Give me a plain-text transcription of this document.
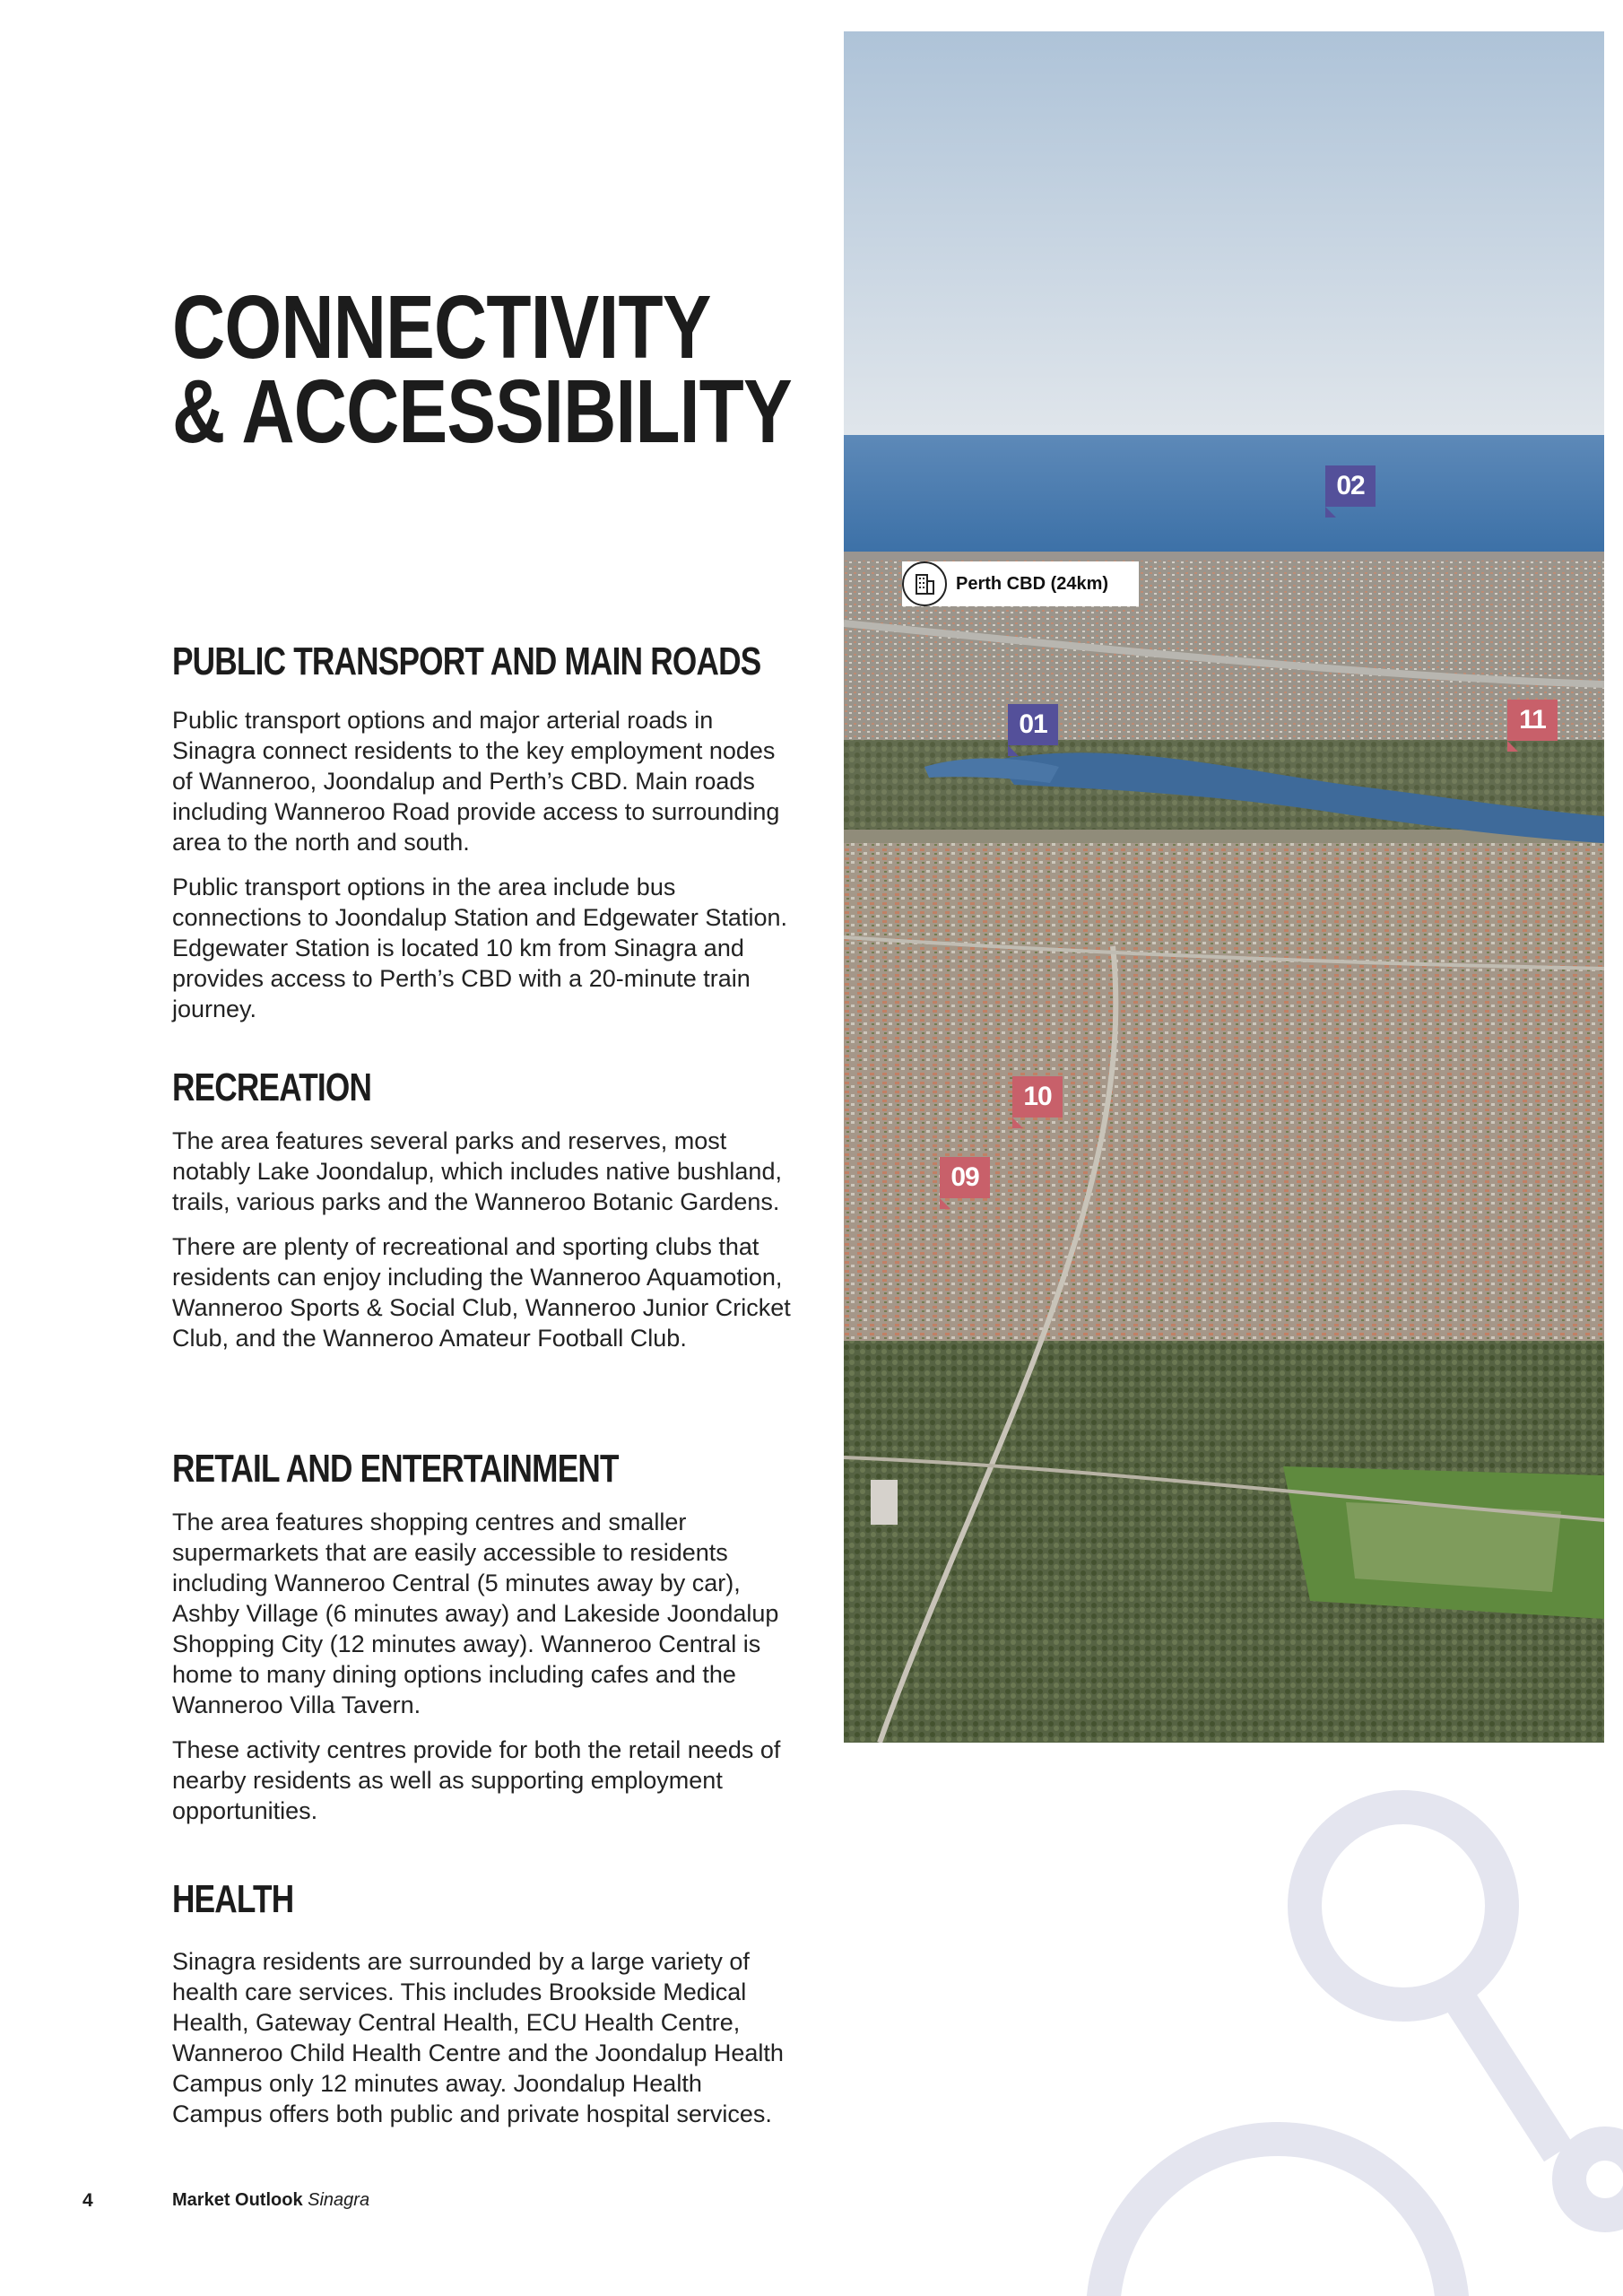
CONNECTIVITY
& ACCESSIBILITY
PUBLIC TRANSPORT AND MAIN ROADS

Public transport options and major arterial roads in Sinagra connect residents to the key employment nodes of Wanneroo, Joondalup and Perth’s CBD. Main roads including Wanneroo Road provide access to surrounding area to the north and south.

Public transport options in the area include bus connections to Joondalup Station and Edgewater Station. Edgewater Station is located 10 km from Sinagra and provides access to Perth’s CBD with a 20-minute train journey.

RECREATION

The area features several parks and reserves, most notably Lake Joondalup, which includes native bushland, trails, various parks and the Wanneroo Botanic Gardens.

There are plenty of recreational and sporting clubs that residents can enjoy including the Wanneroo Aquamotion, Wanneroo Sports & Social Club, Wanneroo Junior Cricket Club, and the Wanneroo Amateur Football Club.

RETAIL AND ENTERTAINMENT

The area features shopping centres and smaller supermarkets that are easily accessible to residents including Wanneroo Central (5 minutes away by car), Ashby Village (6 minutes away) and Lakeside Joondalup Shopping City (12 minutes away). Wanneroo Central is home to many dining options including cafes and the Wanneroo Villa Tavern.

These activity centres provide for both the retail needs of nearby residents as well as supporting employment opportunities.

HEALTH

Sinagra residents are surrounded by a large variety of health care services. This includes Brookside Medical Health, Gateway Central Health, ECU Health Centre, Wanneroo Child Health Centre and the Joondalup Health Campus only 12 minutes away. Joondalup Health Campus offers both public and private hospital services.

02
01	11
10
09
Perth CBD (24km)
4	Market Outlook Sinagra
